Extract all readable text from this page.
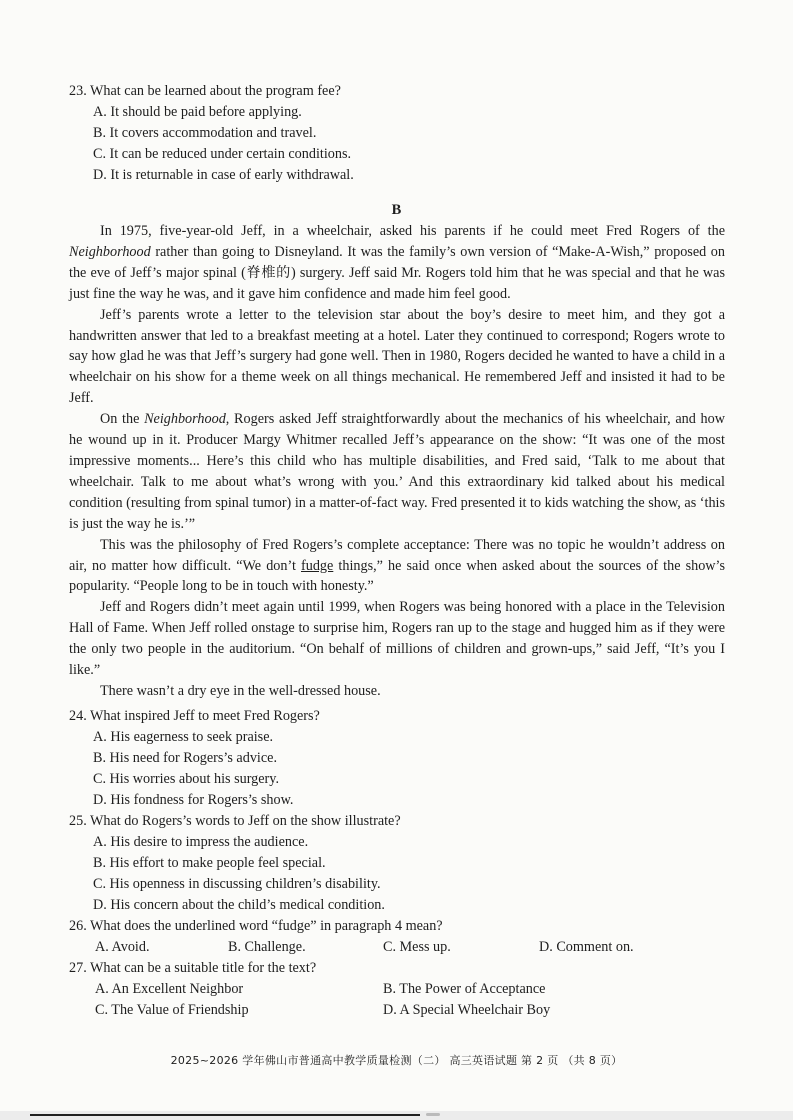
23. What can be learned about the program fee?
A. It should be paid before applying.
B. It covers accommodation and travel.
C. It can be reduced under certain conditions.
D. It is returnable in case of early withdrawal.
B

In 1975, five-year-old Jeff, in a wheelchair, asked his parents if he could meet Fred Rogers of the Neighborhood rather than going to Disneyland. It was the family’s own version of “Make-A-Wish,” proposed on the eve of Jeff’s major spinal (脊椎的) surgery. Jeff said Mr. Rogers told him that he was special and that he was just fine the way he was, and it gave him confidence and made him feel good.

Jeff’s parents wrote a letter to the television star about the boy’s desire to meet him, and they got a handwritten answer that led to a breakfast meeting at a hotel. Later they continued to correspond; Rogers wrote to say how glad he was that Jeff’s surgery had gone well. Then in 1980, Rogers decided he wanted to have a child in a wheelchair on his show for a theme week on all things mechanical. He remembered Jeff and insisted it had to be Jeff.

On the Neighborhood, Rogers asked Jeff straightforwardly about the mechanics of his wheelchair, and how he wound up in it. Producer Margy Whitmer recalled Jeff’s appearance on the show: “It was one of the most impressive moments... Here’s this child who has multiple disabilities, and Fred said, ‘Talk to me about that wheelchair. Talk to me about what’s wrong with you.’ And this extraordinary kid talked about his medical condition (resulting from spinal tumor) in a matter-of-fact way. Fred presented it to kids watching the show, as ‘this is just the way he is.’”

This was the philosophy of Fred Rogers’s complete acceptance: There was no topic he wouldn’t address on air, no matter how difficult. “We don’t fudge things,” he said once when asked about the sources of the show’s popularity. “People long to be in touch with honesty.”

Jeff and Rogers didn’t meet again until 1999, when Rogers was being honored with a place in the Television Hall of Fame. When Jeff rolled onstage to surprise him, Rogers ran up to the stage and hugged him as if they were the only two people in the auditorium. “On behalf of millions of children and grown-ups,” said Jeff, “It’s you I like.”

There wasn’t a dry eye in the well-dressed house.

24. What inspired Jeff to meet Fred Rogers?
A. His eagerness to seek praise.
B. His need for Rogers’s advice.
C. His worries about his surgery.
D. His fondness for Rogers’s show.
25. What do Rogers’s words to Jeff on the show illustrate?
A. His desire to impress the audience.
B. His effort to make people feel special.
C. His openness in discussing children’s disability.
D. His concern about the child’s medical condition.
26. What does the underlined word “fudge” in paragraph 4 mean?
A. Avoid.	B. Challenge.	C. Mess up.	D. Comment on.
27. What can be a suitable title for the text?
A. An Excellent Neighbor	B. The Power of Acceptance
C. The Value of Friendship	D. A Special Wheelchair Boy
2025~2026 学年佛山市普通高中教学质量检测（二） 高三英语试题 第 2 页 （共 8 页）
